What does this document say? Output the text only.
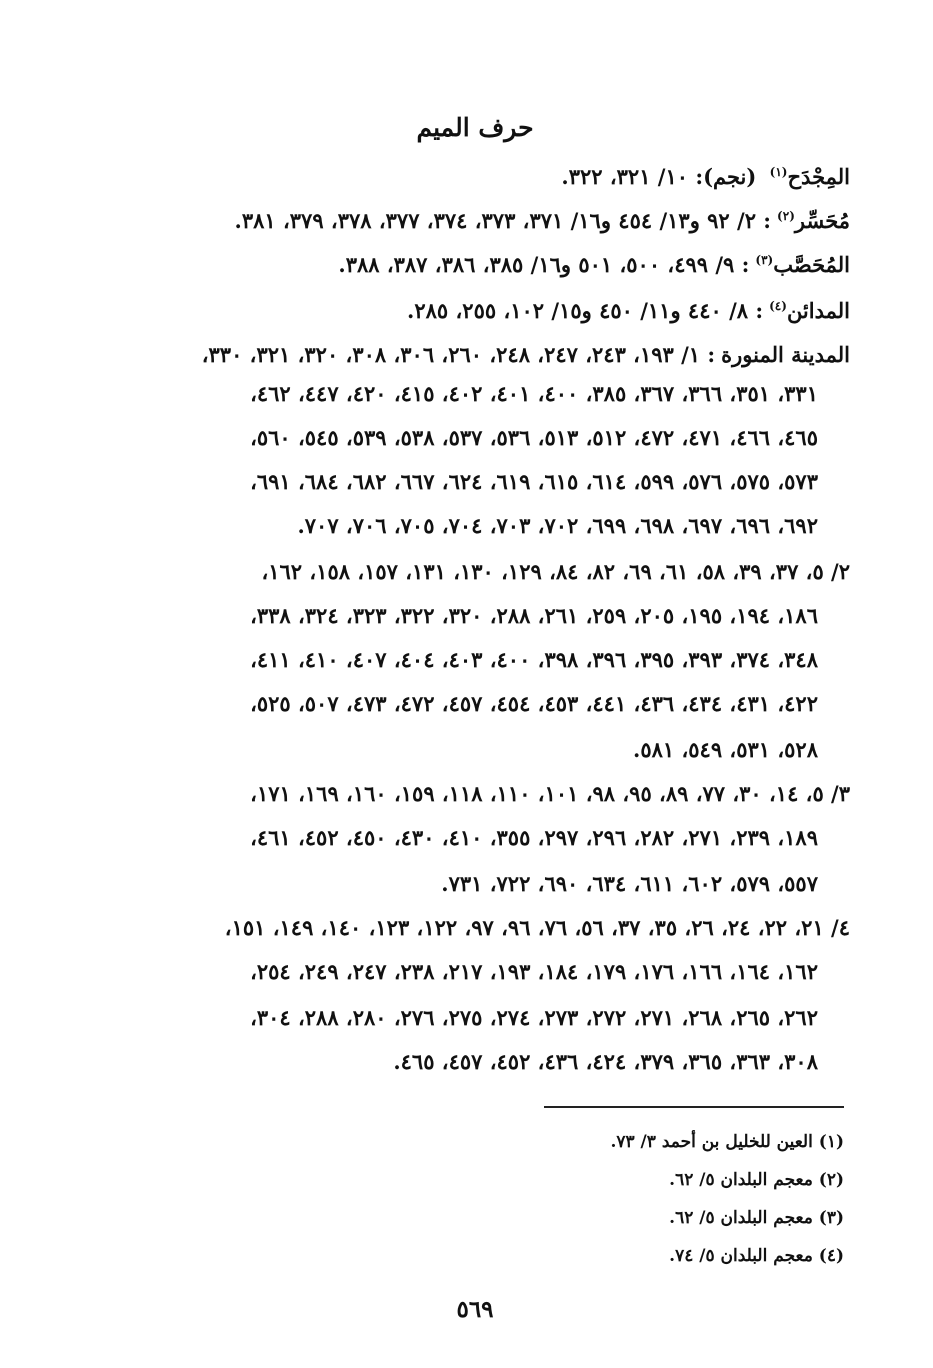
حرف الميم
المِجْدَح$^{(١)}$ (نجم): ١٠/ ٣٢١، ٣٢٢.
مُحَسِّر$^{(٢)}$: ٢/ ٩٢ و١٣/ ٤٥٤ و١٦/ ٣٧١، ٣٧٣، ٣٧٤، ٣٧٧، ٣٧٨، ٣٧٩، ٣٨١.
المُحَصَّب$^{(٣)}$: ٩/ ٤٩٩، ٥٠٠، ٥٠١ و١٦/ ٣٨٥، ٣٨٦، ٣٨٧، ٣٨٨.
المدائن$^{(٤)}$: ٨/ ٤٤٠ و١١/ ٤٥٠ و١٥/ ١٠٢، ٢٥٥، ٢٨٥.
المدينة المنورة: ١/ ١٩٣، ٢٤٣، ٢٤٧، ٢٤٨، ٢٦٠، ٣٠٦، ٣٠٨، ٣٢٠، ٣٢١، ٣٣٠،
٣٣١، ٣٥١، ٣٦٦، ٣٦٧، ٣٨٥، ٤٠٠، ٤٠١، ٤٠٢، ٤١٥، ٤٢٠، ٤٤٧، ٤٦٢،
٤٦٥، ٤٦٦، ٤٧١، ٤٧٢، ٥١٢، ٥١٣، ٥٣٦، ٥٣٧، ٥٣٨، ٥٣٩، ٥٤٥، ٥٦٠،
٥٧٣، ٥٧٥، ٥٧٦، ٥٩٩، ٦١٤، ٦١٥، ٦١٩، ٦٢٤، ٦٦٧، ٦٨٢، ٦٨٤، ٦٩١،
٦٩٢، ٦٩٦، ٦٩٧، ٦٩٨، ٦٩٩، ٧٠٢، ٧٠٣، ٧٠٤، ٧٠٥، ٧٠٦، ٧٠٧.
٢/ ٥، ٣٧، ٣٩، ٥٨، ٦١، ٦٩، ٨٢، ٨٤، ١٢٩، ١٣٠، ١٣١، ١٥٧، ١٥٨، ١٦٢،
١٨٦، ١٩٤، ١٩٥، ٢٠٥، ٢٥٩، ٢٦١، ٢٨٨، ٣٢٠، ٣٢٢، ٣٢٣، ٣٢٤، ٣٣٨،
٣٤٨، ٣٧٤، ٣٩٣، ٣٩٥، ٣٩٦، ٣٩٨، ٤٠٠، ٤٠٣، ٤٠٤، ٤٠٧، ٤١٠، ٤١١،
٤٢٢، ٤٣١، ٤٣٤، ٤٣٦، ٤٤١، ٤٥٣، ٤٥٤، ٤٥٧، ٤٧٢، ٤٧٣، ٥٠٧، ٥٢٥،
٥٢٨، ٥٣١، ٥٤٩، ٥٨١.
٣/ ٥، ١٤، ٣٠، ٧٧، ٨٩، ٩٥، ٩٨، ١٠١، ١١٠، ١١٨، ١٥٩، ١٦٠، ١٦٩، ١٧١،
١٨٩، ٢٣٩، ٢٧١، ٢٨٢، ٢٩٦، ٢٩٧، ٣٥٥، ٤١٠، ٤٣٠، ٤٥٠، ٤٥٢، ٤٦١،
٥٥٧، ٥٧٩، ٦٠٢، ٦١١، ٦٣٤، ٦٩٠، ٧٢٢، ٧٣١.
٤/ ٢١، ٢٢، ٢٤، ٢٦، ٣٥، ٣٧، ٥٦، ٧٦، ٩٦، ٩٧، ١٢٢، ١٢٣، ١٤٠، ١٤٩، ١٥١،
١٦٢، ١٦٤، ١٦٦، ١٧٦، ١٧٩، ١٨٤، ١٩٣، ٢١٧، ٢٣٨، ٢٤٧، ٢٤٩، ٢٥٤،
٢٦٢، ٢٦٥، ٢٦٨، ٢٧١، ٢٧٢، ٢٧٣، ٢٧٤، ٢٧٥، ٢٧٦، ٢٨٠، ٢٨٨، ٣٠٤،
٣٠٨، ٣٦٣، ٣٦٥، ٣٧٩، ٤٢٤، ٤٣٦، ٤٥٢، ٤٥٧، ٤٦٥.
(١) العين للخليل بن أحمد ٣/ ٧٣.
(٢) معجم البلدان ٥/ ٦٢.
(٣) معجم البلدان ٥/ ٦٢.
(٤) معجم البلدان ٥/ ٧٤.
٥٦٩
